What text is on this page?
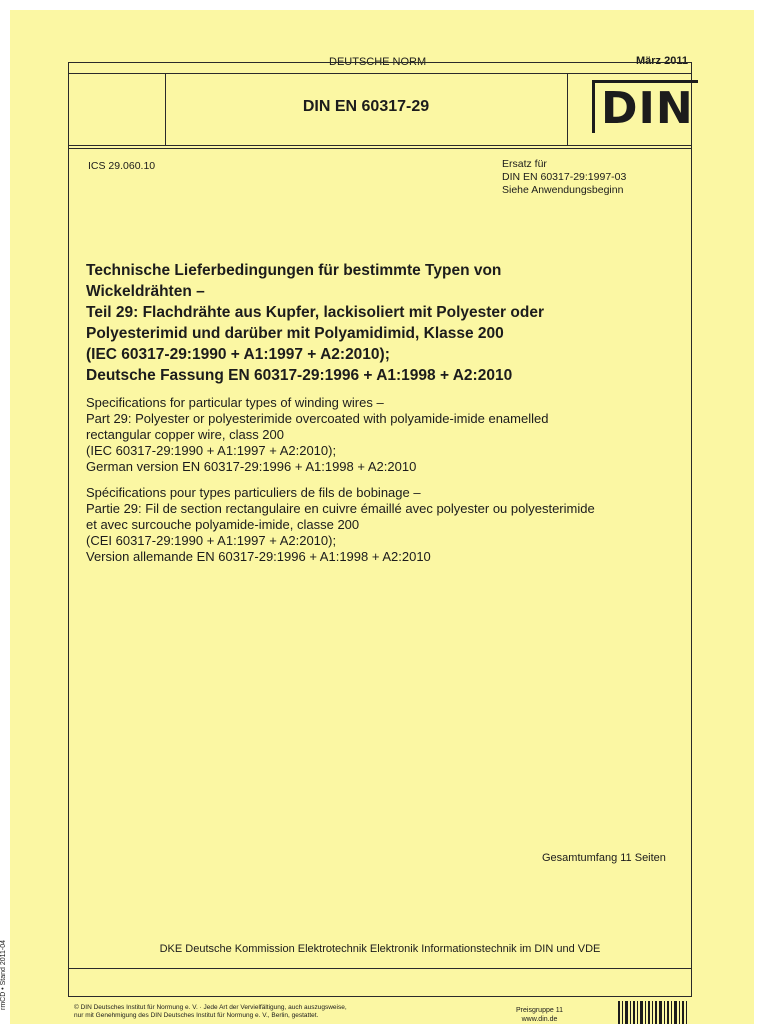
DEUTSCHE NORM	März 2011
DIN EN 60317-29	DIN
ICS 29.060.10	Ersatz für
DIN EN 60317-29:1997-03
Siehe Anwendungsbeginn
Technische Lieferbedingungen für bestimmte Typen von
Wickeldrähten –
Teil 29: Flachdrähte aus Kupfer, lackisoliert mit Polyester oder
Polyesterimid und darüber mit Polyamidimid, Klasse 200
(IEC 60317-29:1990 + A1:1997 + A2:2010);
Deutsche Fassung EN 60317-29:1996 + A1:1998 + A2:2010
Specifications for particular types of winding wires –
Part 29: Polyester or polyesterimide overcoated with polyamide-imide enamelled
rectangular copper wire, class 200
(IEC 60317-29:1990 + A1:1997 + A2:2010);
German version EN 60317-29:1996 + A1:1998 + A2:2010
Spécifications pour types particuliers de fils de bobinage –
Partie 29: Fil de section rectangulaire en cuivre émaillé avec polyester ou polyesterimide
et avec surcouche polyamide-imide, classe 200
(CEI 60317-29:1990 + A1:1997 + A2:2010);
Version allemande EN 60317-29:1996 + A1:1998 + A2:2010
Gesamtumfang 11 Seiten
DKE Deutsche Kommission Elektrotechnik Elektronik Informationstechnik im DIN und VDE
© DIN Deutsches Institut für Normung e. V. · Jede Art der Vervielfältigung, auch auszugsweise,
nur mit Genehmigung des DIN Deutsches Institut für Normung e. V., Berlin, gestattet.
Preisgruppe 11
www.din.de
rmCD • Stand 2011-04
